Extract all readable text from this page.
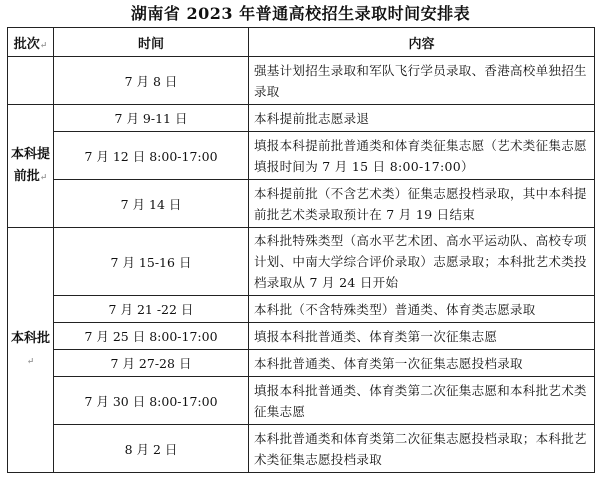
湖南省 2023 年普通高校招生录取时间安排表
批次↵	时间	内容
	7 月 8 日	强基计划招生录取和军队飞行学员录取、香港高校单独招生录取
本科提前批↵	7 月 9-11 日	本科提前批志愿录退
	7 月 12 日 8:00-17:00	填报本科提前批普通类和体育类征集志愿（艺术类征集志愿填报时间为 7 月 15 日 8:00-17:00）
	7 月 14 日	本科提前批（不含艺术类）征集志愿投档录取，其中本科提前批艺术类录取预计在 7 月 19 日结束
本科批↵	7 月 15-16 日	本科批特殊类型（高水平艺术团、高水平运动队、高校专项计划、中南大学综合评价录取）志愿录取；本科批艺术类投档录取从 7 月 24 日开始
	7 月 21 -22 日	本科批（不含特殊类型）普通类、体育类志愿录取
	7 月 25 日 8:00-17:00	填报本科批普通类、体育类第一次征集志愿
	7 月 27-28 日	本科批普通类、体育类第一次征集志愿投档录取
	7 月 30 日 8:00-17:00	填报本科批普通类、体育类第二次征集志愿和本科批艺术类征集志愿
	8 月 2 日	本科批普通类和体育类第二次征集志愿投档录取；本科批艺术类征集志愿投档录取
